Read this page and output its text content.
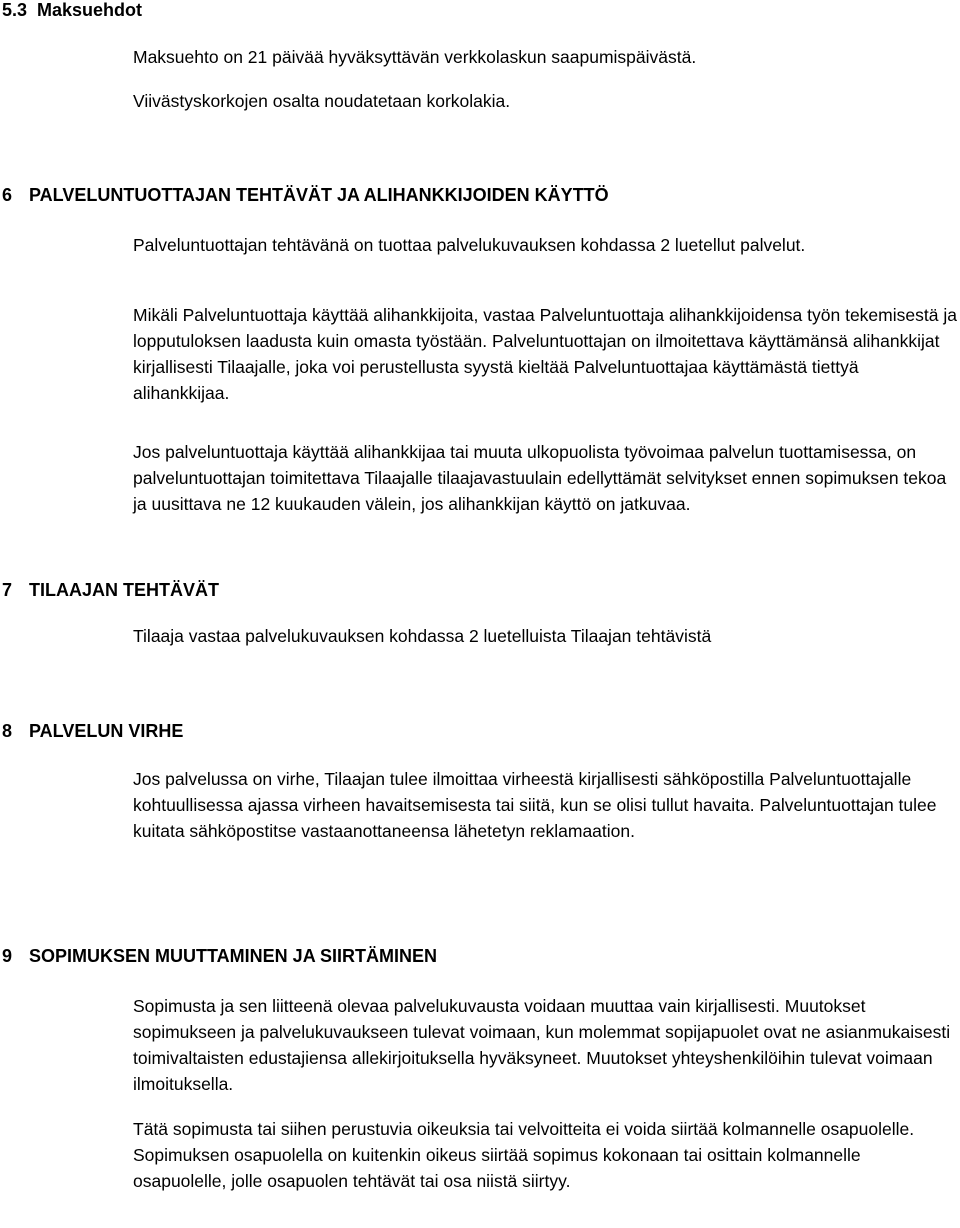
5.3 Maksuehdot

Maksuehto on 21 päivää hyväksyttävän verkkolaskun saapumispäivästä.

Viivästyskorkojen osalta noudatetaan korkolakia.

6 PALVELUNTUOTTAJAN TEHTÄVÄT JA ALIHANKKIJOIDEN KÄYTTÖ

Palveluntuottajan tehtävänä on tuottaa palvelukuvauksen kohdassa 2 luetellut palvelut.

Mikäli Palveluntuottaja käyttää alihankkijoita, vastaa Palveluntuottaja alihankkijoidensa työn tekemisestä ja lopputuloksen laadusta kuin omasta työstään. Palveluntuottajan on ilmoitettava käyttämänsä alihankkijat kirjallisesti Tilaajalle, joka voi perustellusta syystä kieltää Palveluntuottajaa käyttämästä tiettyä alihankkijaa.

Jos palveluntuottaja käyttää alihankkijaa tai muuta ulkopuolista työvoimaa palvelun tuottamisessa, on palveluntuottajan toimitettava Tilaajalle tilaajavastuulain edellyttämät selvitykset ennen sopimuksen tekoa ja uusittava ne 12 kuukauden välein, jos alihankkijan käyttö on jatkuvaa.

7 TILAAJAN TEHTÄVÄT

Tilaaja vastaa palvelukuvauksen kohdassa 2 luetelluista Tilaajan tehtävistä

8 PALVELUN VIRHE

Jos palvelussa on virhe, Tilaajan tulee ilmoittaa virheestä kirjallisesti sähköpostilla Palveluntuottajalle kohtuullisessa ajassa virheen havaitsemisesta tai siitä, kun se olisi tullut havaita. Palveluntuottajan tulee kuitata sähköpostitse vastaanottaneensa lähetetyn reklamaation.

9 SOPIMUKSEN MUUTTAMINEN JA SIIRTÄMINEN

Sopimusta ja sen liitteenä olevaa palvelukuvausta voidaan muuttaa vain kirjallisesti. Muutokset sopimukseen ja palvelukuvaukseen tulevat voimaan, kun molemmat sopijapuolet ovat ne asianmukaisesti toimivaltaisten edustajiensa allekirjoituksella hyväksyneet. Muutokset yhteyshenkilöihin tulevat voimaan ilmoituksella.

Tätä sopimusta tai siihen perustuvia oikeuksia tai velvoitteita ei voida siirtää kolmannelle osapuolelle. Sopimuksen osapuolella on kuitenkin oikeus siirtää sopimus kokonaan tai osittain kolmannelle osapuolelle, jolle osapuolen tehtävät tai osa niistä siirtyy.
